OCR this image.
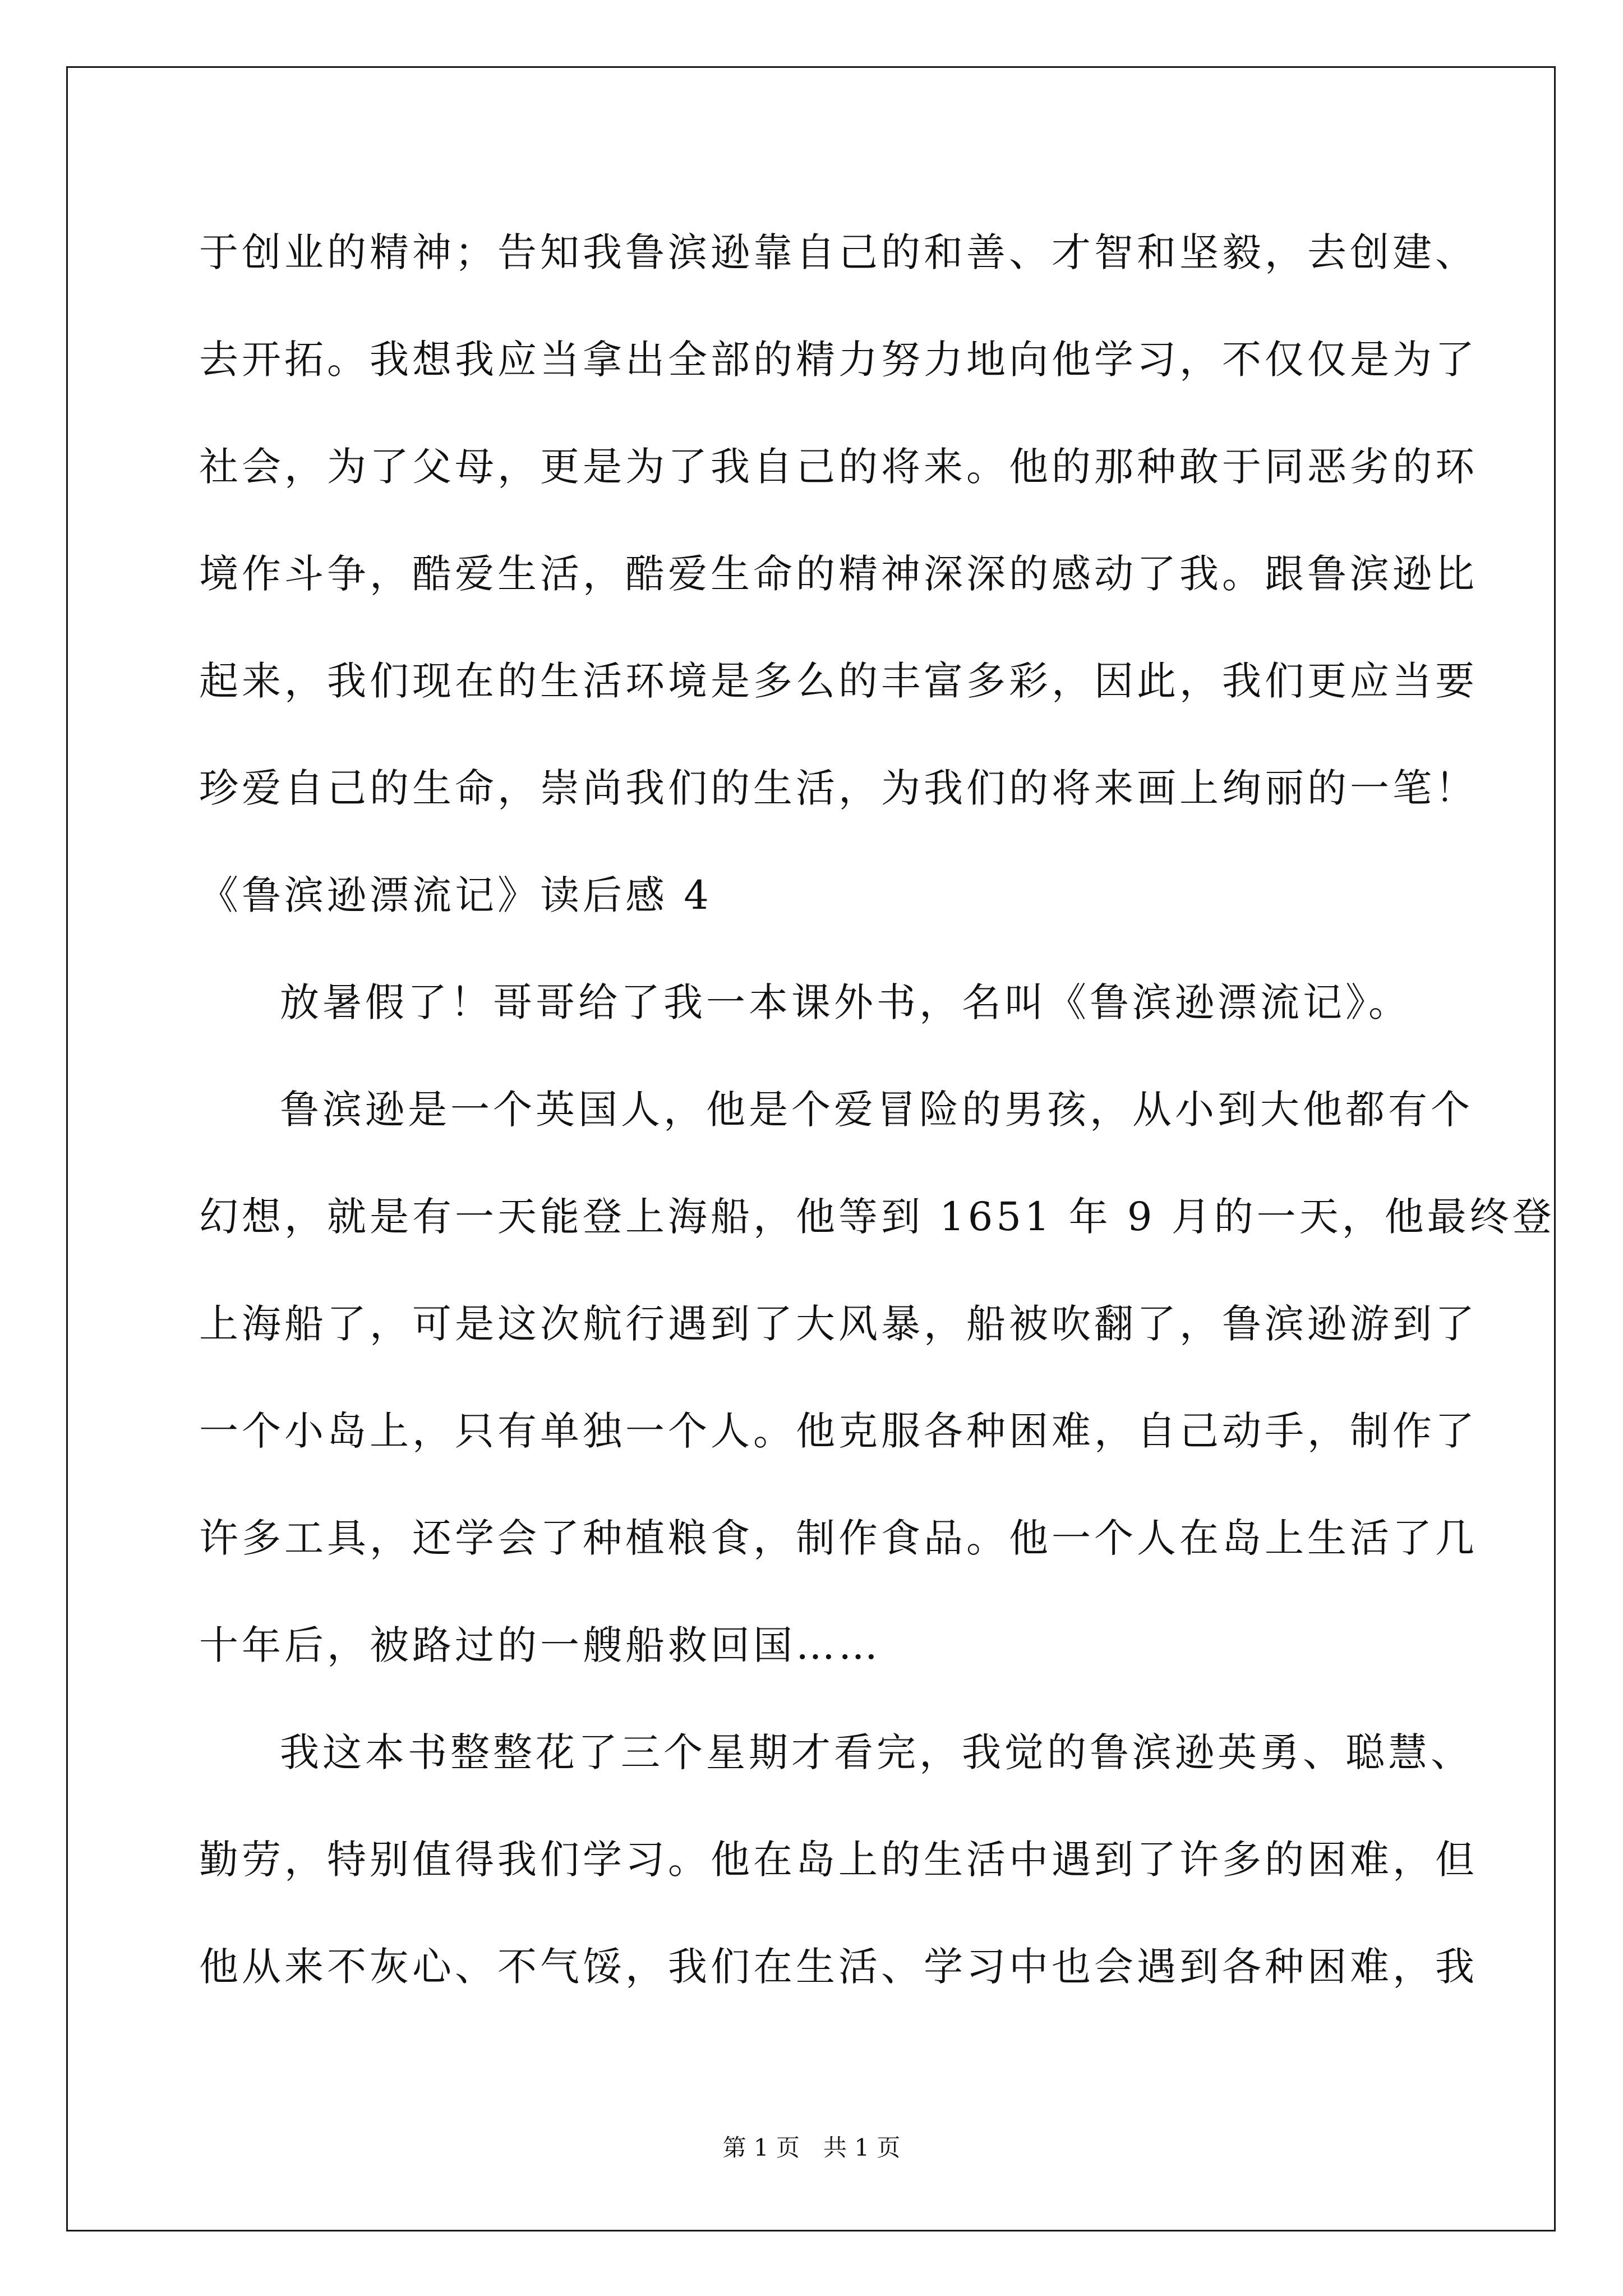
于创业的精神；告知我鲁滨逊靠自己的和善、才智和坚毅，去创建、
去开拓。我想我应当拿出全部的精力努力地向他学习，不仅仅是为了
社会，为了父母，更是为了我自己的将来。他的那种敢于同恶劣的环
境作斗争，酷爱生活，酷爱生命的精神深深的感动了我。跟鲁滨逊比
起来，我们现在的生活环境是多么的丰富多彩，因此，我们更应当要
珍爱自己的生命，崇尚我们的生活，为我们的将来画上绚丽的一笔！
《鲁滨逊漂流记》读后感 4
放暑假了！哥哥给了我一本课外书，名叫《鲁滨逊漂流记》。
鲁滨逊是一个英国人，他是个爱冒险的男孩，从小到大他都有个
幻想，就是有一天能登上海船，他等到 1651 年 9 月的一天，他最终登
上海船了，可是这次航行遇到了大风暴，船被吹翻了，鲁滨逊游到了
一个小岛上，只有单独一个人。他克服各种困难，自己动手，制作了
许多工具，还学会了种植粮食，制作食品。他一个人在岛上生活了几
十年后，被路过的一艘船救回国……
我这本书整整花了三个星期才看完，我觉的鲁滨逊英勇、聪慧、
勤劳，特别值得我们学习。他在岛上的生活中遇到了许多的困难，但
他从来不灰心、不气馁，我们在生活、学习中也会遇到各种困难，我
第 1 页　共 1 页
